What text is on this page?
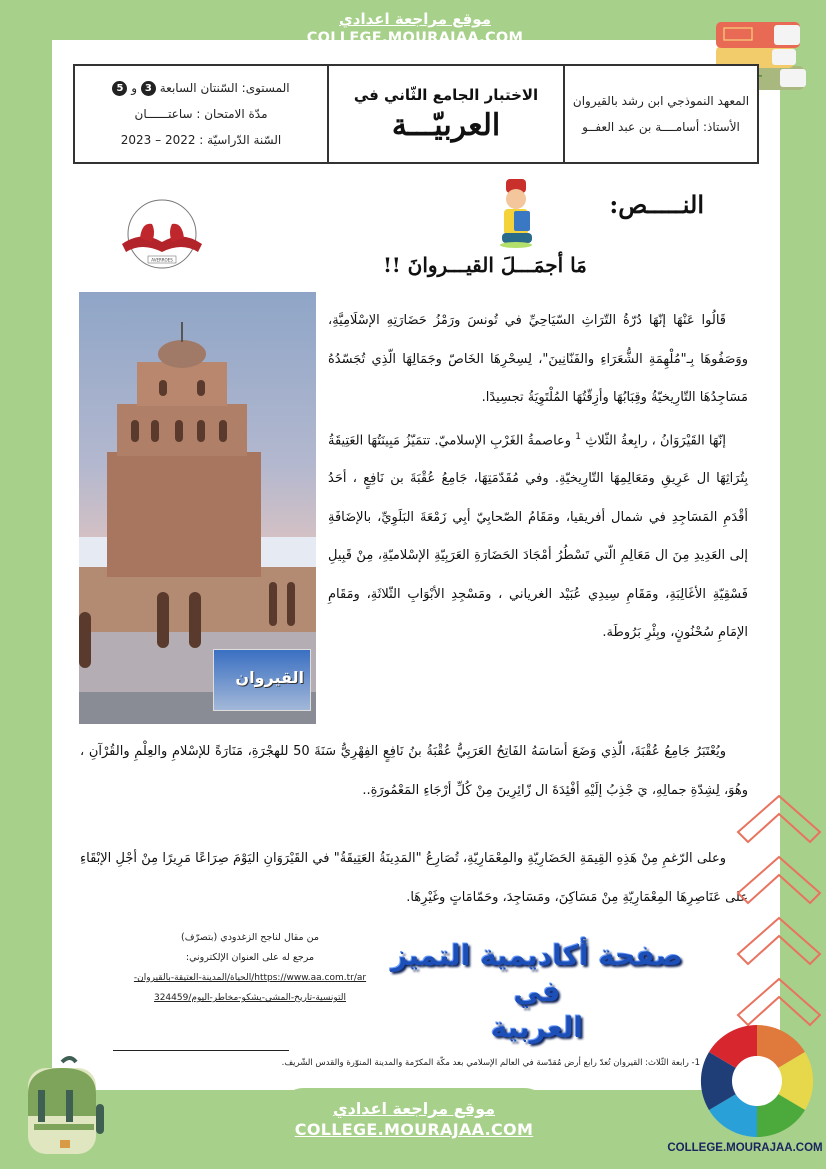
موقع مراجعة اعدادي
COLLEGE.MOURAJAA.COM
المعهد النموذجي ابن رشد بالقيروان
الأستاذ: أسامــــة بن عبد العفــو
الاختبار الجامع الثّاني في
العربيّـــة
المستوى: السّنتان السابعة 3 و 5
مدّة الامتحان : ساعتــــــان
السّنة الدّراسيّة : 2022 – 2023
النـــــص:
مَا أجمَـــلَ القيـــروانَ !!
AVERROES
القيروان

قَالُوا عَنْهَا إنّهَا دُرّةُ التّرَاثِ السّيَاحِيِّ في تُونسَ ورَمْزُ حَضَارَتِهِ الإسْلَامِيَّةِ، ووَصَفُوهَا بِـ"مُلْهِمَةِ الشُّعَرَاءِ والفَنّانِينَ"، لِسِحْرِهَا الخَاصّ وجَمَالِهَا الّذِي تُجَسّدُهُ مَسَاجِدُهَا التّارِيخيّةُ وقِبَابُهَا وأزِقّتُهَا المُلْتَوِيَةُ تجسِيدًا.

إنّهَا القَيْرَوَانُ ، رابِعةُ الثّلاثِ $^1$ وعاصمةُ الغَرْبِ الإسلاميّ. تتمَيّزُ مَبِينَتُهَا العَتِيقَةُ بِتُرَاثِهَا ال عَرِيقِ ومَعَالِمِهَا التّارِيخيّةِ. وفي مُقَدّمَتِهَا، جَامِعُ عُقْبَةَ بن نَافِعٍ ، أحَدُ أقْدَمِ المَسَاجِدِ في شمال أفريقيا، ومَقَامُ الصّحابِيّ أبِي زَمْعَةَ البَلَوِيِّ، بالإضَافَةِ إلى العَدِيدِ مِنَ ال مَعَالِمِ الّتي تَسْطُرُ أمْجَادَ الحَضَارَةِ العَرَبِيّةِ الإسْلاميّةِ، مِنْ قَبِيلِ فَسْقِيّةِ الأغَالِبَةِ، ومَقَامِ سِيدِي عُبَيْد الغرياني ، ومَسْجِدِ الأبْوَابِ الثّلاثَةِ، ومَقَامِ الإمَامِ سُحْنُونٍ، وبِئْرِ بَرُوطَة.

ويُعْتَبَرُ جَامِعُ عُقْبَةَ، الّذِي وَضَعَ أسَاسَهُ الفَاتِحُ العَرَبِيُّ عُقْبَةُ بنُ نَافِعٍ الفِهْرِيُّ سَنَةَ 50 للهجْرَةِ، مَنَارَةً للإسْلامِ والعِلْمِ والقُرْآنِ ، وهُوَ، لِشِدّةِ جمالِهِ، يَ جْذِبُ إلَيْهِ أفْئِدَةَ ال زّائِرِينَ مِنْ كُلِّ أرْجَاءِ المَعْمُورَةِ..

وعلى الرّغمِ مِنْ هَذِهِ القِيمَةِ الحَضَارِيّةِ والمِعْمَارِيّةِ، تُصَارِعُ "المَدِينَةُ العَتِيقَةُ" في القَيْرَوَانِ اليَوْمَ صِرَاعًا مَرِيرًا مِنْ أجْلِ الإبْقَاءِ على عَنَاصِرِهَا المِعْمَارِيّةِ مِنْ مَسَاكِنَ، ومَسَاجِدَ، وحَمّامَاتٍ وغَيْرِهَا.

من مقال لناجح الزغدودي (بتصرّف)
مرجع له على العنوان الإلكتروني:
https://www.aa.com.tr/ar/الحياة/المدينة-العتيقة-بالقيروان-
التونسية-تاريخ-المشي-يشكو-مخاطر-اليوم/324459
صفحة أكاديمية التميز في
العربية
1- رابعة الثّلاث: القيروان تُعدّ رابع أرض مُقدّسة في العالم الإسلامي بعد مكّة المكرّمة والمدينة المنوّرة والقدس الشّريف.
موقع مراجعة اعدادي
COLLEGE.MOURAJAA.COM
COLLEGE.MOURAJAA.COM
